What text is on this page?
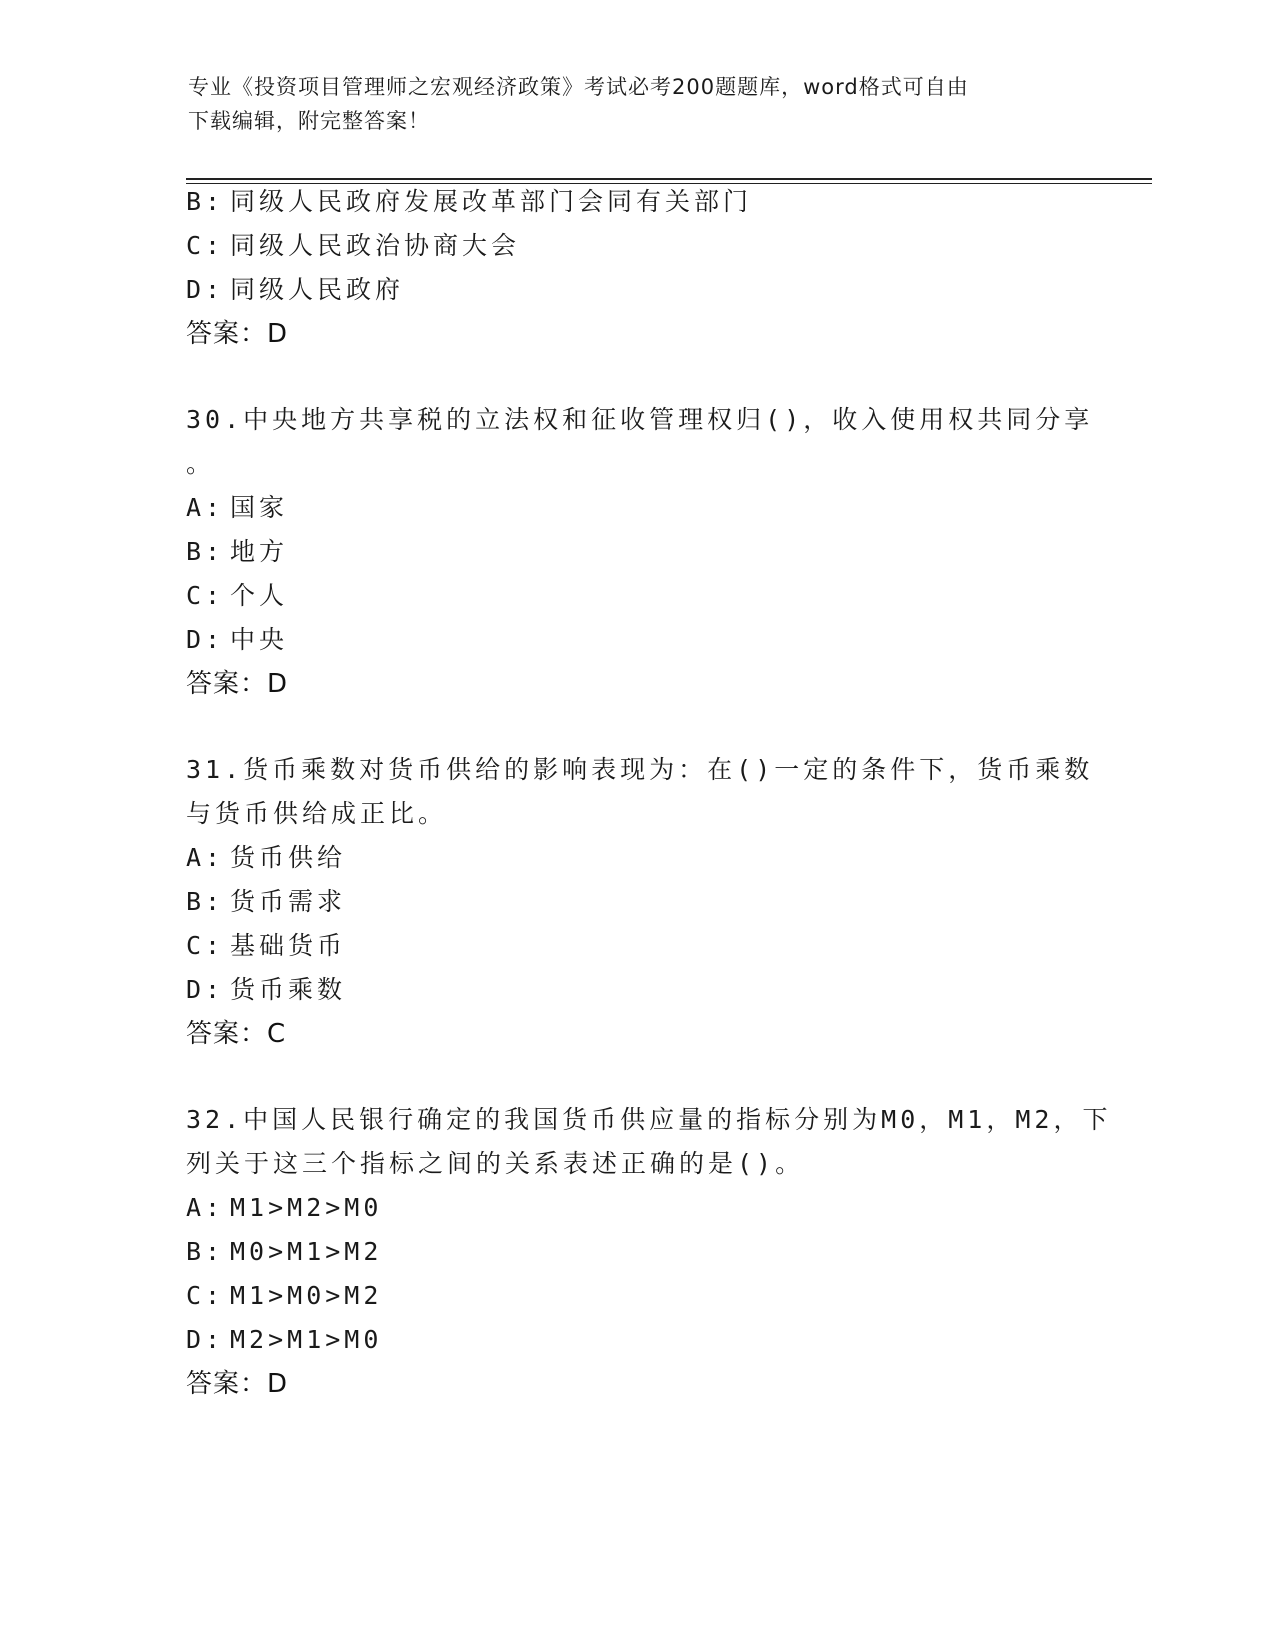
专业《投资项目管理师之宏观经济政策》考试必考200题题库，word格式可自由
下载编辑，附完整答案！
B: 同级人民政府发展改革部门会同有关部门
C: 同级人民政治协商大会
D: 同级人民政府
答案：D
30.中央地方共享税的立法权和征收管理权归()，收入使用权共同分享
。
A: 国家
B: 地方
C: 个人
D: 中央
答案：D
31.货币乘数对货币供给的影响表现为：在()一定的条件下，货币乘数
与货币供给成正比。
A: 货币供给
B: 货币需求
C: 基础货币
D: 货币乘数
答案：C
32.中国人民银行确定的我国货币供应量的指标分别为M0，M1，M2，下
列关于这三个指标之间的关系表述正确的是()。
A: M1>M2>M0
B: M0>M1>M2
C: M1>M0>M2
D: M2>M1>M0
答案：D
